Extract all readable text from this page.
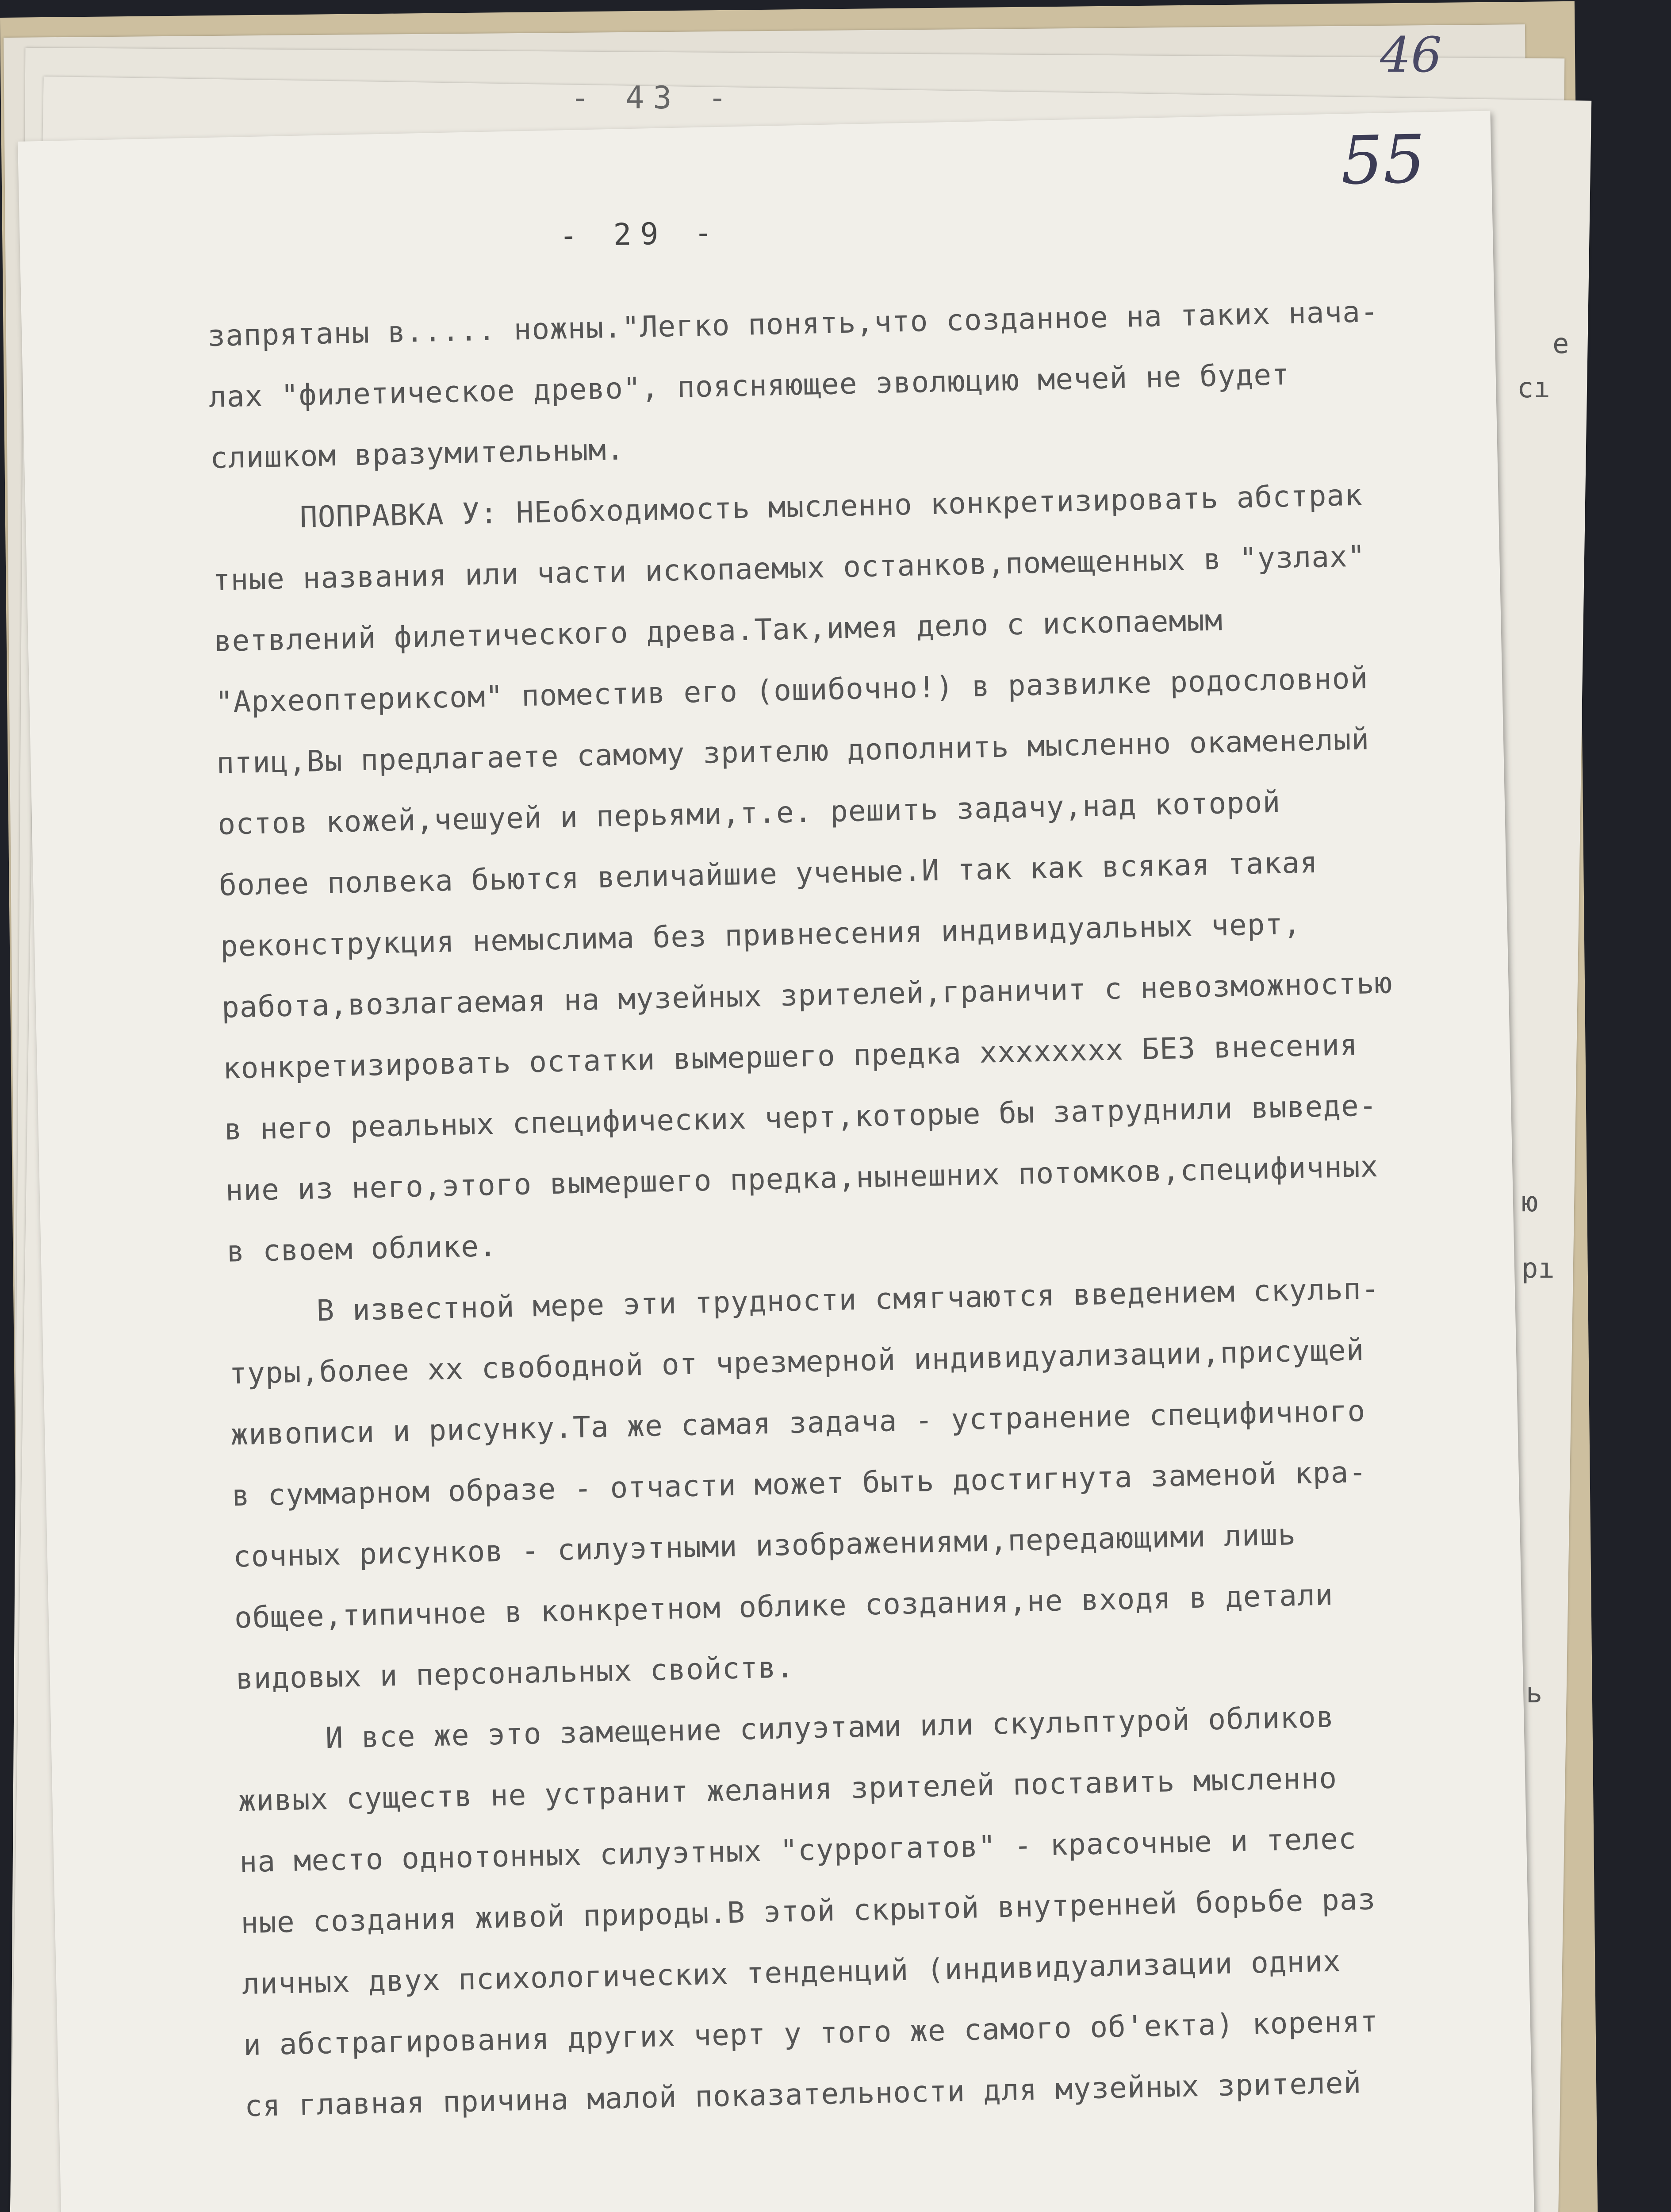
- 43 -
46
е
сı
ю
рı
ь
- 29 -
55
запрятаны в..... ножны."Легко понять,что созданное на таких нача-
лах "филетическое древо", поясняющее эволюцию мечей не будет
слишком вразумительным.
ПОПРАВКА У: НЕобходимость мысленно конкретизировать абстрак
тные названия или части ископаемых останков,помещенных в "узлах"
ветвлений филетического древа.Так,имея дело с ископаемым
"Археоптериксом" поместив его (ошибочно!) в развилке родословной
птиц,Вы предлагаете самому зрителю дополнить мысленно окаменелый
остов кожей,чешуей и перьями,т.е. решить задачу,над которой
более полвека бьются величайшие ученые.И так как всякая такая
реконструкция немыслима без привнесения индивидуальных черт,
работа,возлагаемая на музейных зрителей,граничит с невозможностью
конкретизировать остатки вымершего предка xxxxxxxx БЕЗ внесения
в него реальных специфических черт,которые бы затруднили выведе-
ние из него,этого вымершего предка,нынешних потомков,специфичных
в своем облике.
В известной мере эти трудности смягчаются введением скульп-
туры,более хх свободной от чрезмерной индивидуализации,присущей
живописи и рисунку.Та же самая задача - устранение специфичного
в суммарном образе - отчасти может быть достигнута заменой кра-
сочных рисунков - силуэтными изображениями,передающими лишь
общее,типичное в конкретном облике создания,не входя в детали
видовых и персональных свойств.
И все же это замещение силуэтами или скульптурой обликов
живых существ не устранит желания зрителей поставить мысленно
на место однотонных силуэтных "суррогатов" - красочные и телес
ные создания живой природы.В этой скрытой внутренней борьбе раз
личных двух психологических тенденций (индивидуализации одних
и абстрагирования других черт у того же самого об'екта) коренят
ся главная причина малой показательности для музейных зрителей
